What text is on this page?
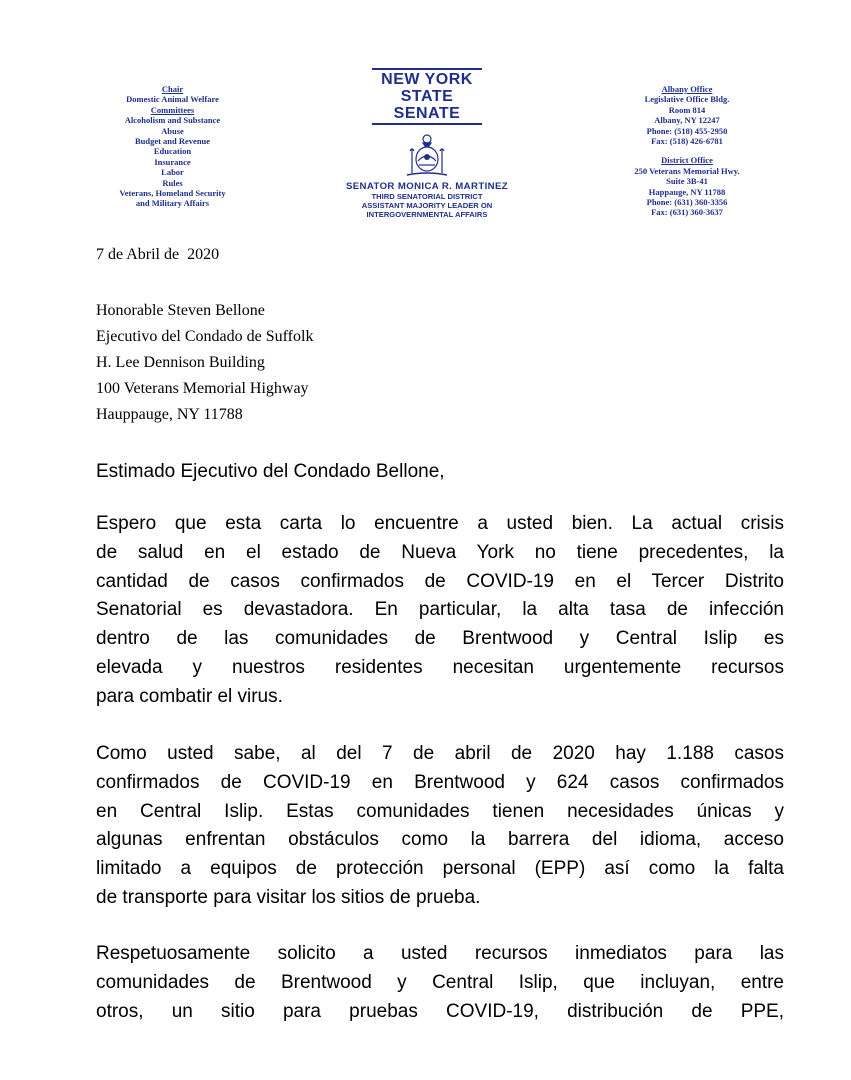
Chair
Domestic Animal Welfare
Committees
Alcoholism and Substance
Abuse
Budget and Revenue
Education
Insurance
Labor
Rules
Veterans, Homeland Security
and Military Affairs
NEW YORK
STATE
SENATE
SENATOR MONICA R. MARTINEZ
THIRD SENATORIAL DISTRICT
ASSISTANT MAJORITY LEADER ON
INTERGOVERNMENTAL AFFAIRS
Albany Office
Legislative Office Bldg.
Room 814
Albany, NY 12247
Phone: (518) 455-2950
Fax: (518) 426-6781
District Office
250 Veterans Memorial Hwy.
Suite 3B-41
Happauge, NY 11788
Phone: (631) 360-3356
Fax: (631) 360-3637
7 de Abril de  2020
Honorable Steven Bellone
Ejecutivo del Condado de Suffolk
H. Lee Dennison Building
100 Veterans Memorial Highway
Hauppauge, NY 11788
Estimado Ejecutivo del Condado Bellone,
Espero que esta carta lo encuentre a usted bien. La actual crisis
de salud en el estado de Nueva York no tiene precedentes, la
cantidad de casos confirmados de COVID-19 en el Tercer Distrito
Senatorial es devastadora. En particular, la alta tasa de infección
dentro de las comunidades de Brentwood y Central Islip es
elevada y nuestros residentes necesitan urgentemente recursos
para combatir el virus.
Como usted sabe, al del 7 de abril de 2020 hay 1.188 casos
confirmados de COVID-19 en Brentwood y 624 casos confirmados
en Central Islip. Estas comunidades tienen necesidades únicas y
algunas enfrentan obstáculos como la barrera del idioma, acceso
limitado a equipos de protección personal (EPP) así como la falta
de transporte para visitar los sitios de prueba.
Respetuosamente solicito a usted recursos inmediatos para las
comunidades de Brentwood y Central Islip, que incluyan, entre
otros, un sitio para pruebas COVID-19, distribución de PPE,
